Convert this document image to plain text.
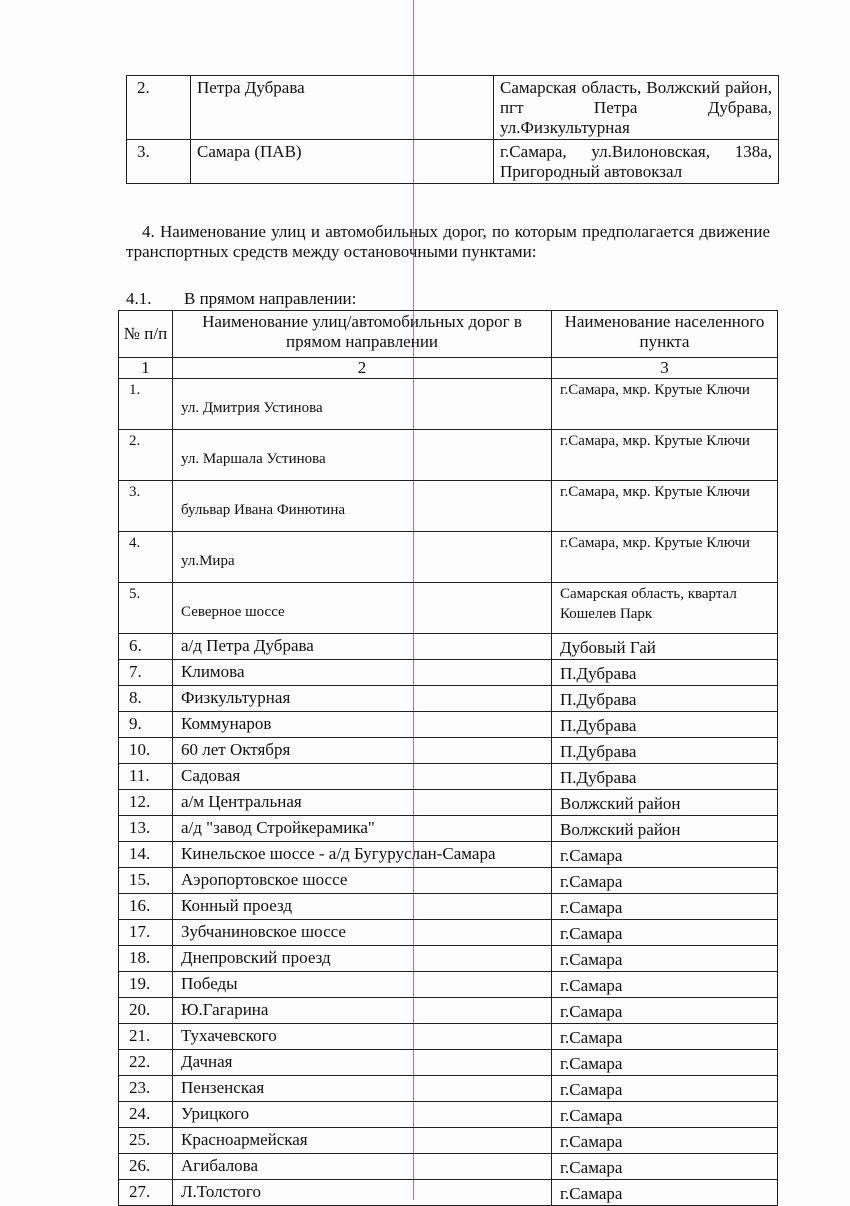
2.	Петра Дубрава	Самарская область, Волжский район, пгт Петра Дубрава, ул.Физкультурная
3.	Самара (ПАВ)	г.Самара, ул.Вилоновская, 138а, Пригородный автовокзал
4. Наименование улиц и автомобильных дорог, по которым предполагается движение транспортных средств между остановочными пунктами:
4.1. В прямом направлении:
№ п/п	Наименование улиц/автомобильных дорог в прямом направлении	Наименование населенного пункта
1	2	3
1.	ул. Дмитрия Устинова	г.Самара, мкр. Крутые Ключи
2.	ул. Маршала Устинова	г.Самара, мкр. Крутые Ключи
3.	бульвар Ивана Финютина	г.Самара, мкр. Крутые Ключи
4.	ул.Мира	г.Самара, мкр. Крутые Ключи
5.	Северное шоссе	Самарская область, квартал Кошелев Парк
6.	а/д Петра Дубрава	Дубовый Гай
7.	Климова	П.Дубрава
8.	Физкультурная	П.Дубрава
9.	Коммунаров	П.Дубрава
10.	60 лет Октября	П.Дубрава
11.	Садовая	П.Дубрава
12.	а/м Центральная	Волжский район
13.	а/д "завод Стройкерамика"	Волжский район
14.	Кинельское шоссе - а/д Бугуруслан-Самара	г.Самара
15.	Аэропортовское шоссе	г.Самара
16.	Конный проезд	г.Самара
17.	Зубчаниновское шоссе	г.Самара
18.	Днепровский проезд	г.Самара
19.	Победы	г.Самара
20.	Ю.Гагарина	г.Самара
21.	Тухачевского	г.Самара
22.	Дачная	г.Самара
23.	Пензенская	г.Самара
24.	Урицкого	г.Самара
25.	Красноармейская	г.Самара
26.	Агибалова	г.Самара
27.	Л.Толстого	г.Самара
